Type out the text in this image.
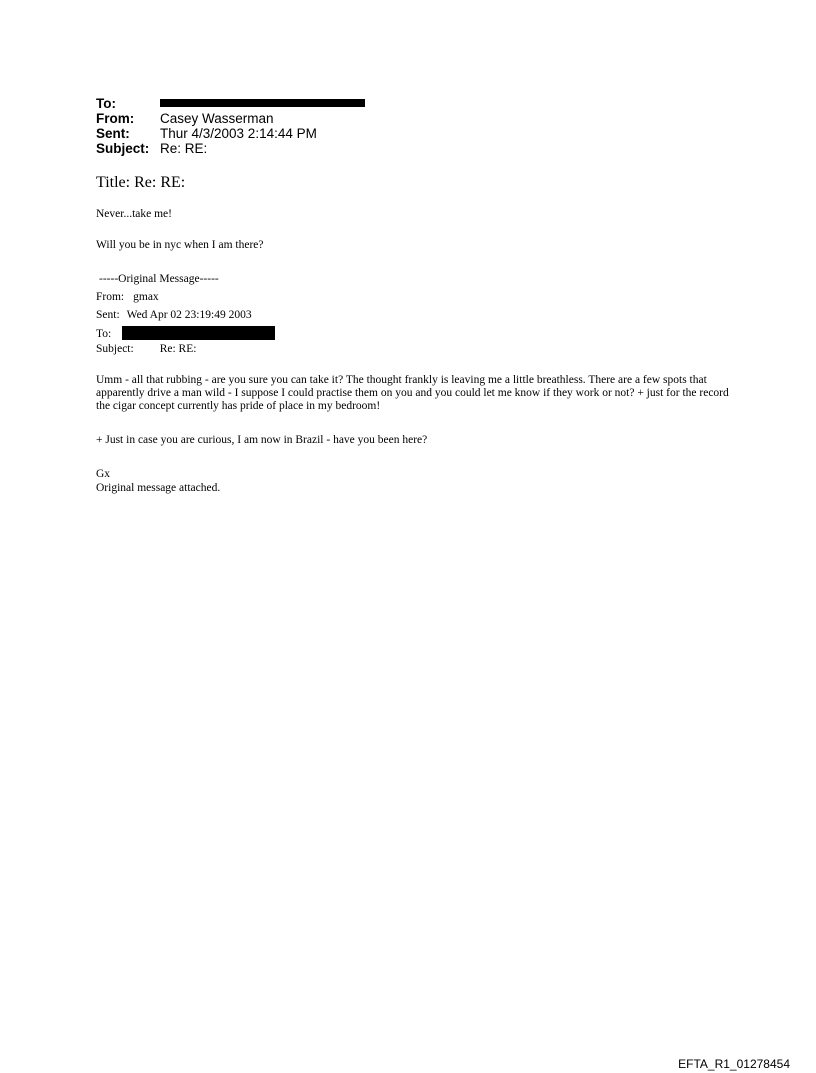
To:
From:	Casey Wasserman
Sent:	Thur 4/3/2003 2:14:44 PM
Subject: Re: RE:
Title: Re: RE:
Never...take me!
Will you be in nyc when I am there?
-----Original Message-----
From: gmax
Sent: Wed Apr 02 23:19:49 2003
To:
Subject: Re: RE:
Umm - all that rubbing - are you sure you can take it? The thought frankly is leaving me a little breathless. There are a few spots that apparently drive a man wild - I suppose I could practise them on you and you could let me know if they work or not? + just for the record the cigar concept currently has pride of place in my bedroom!
+ Just in case you are curious, I am now in Brazil - have you been here?
Gx
Original message attached.
EFTA_R1_01278454
